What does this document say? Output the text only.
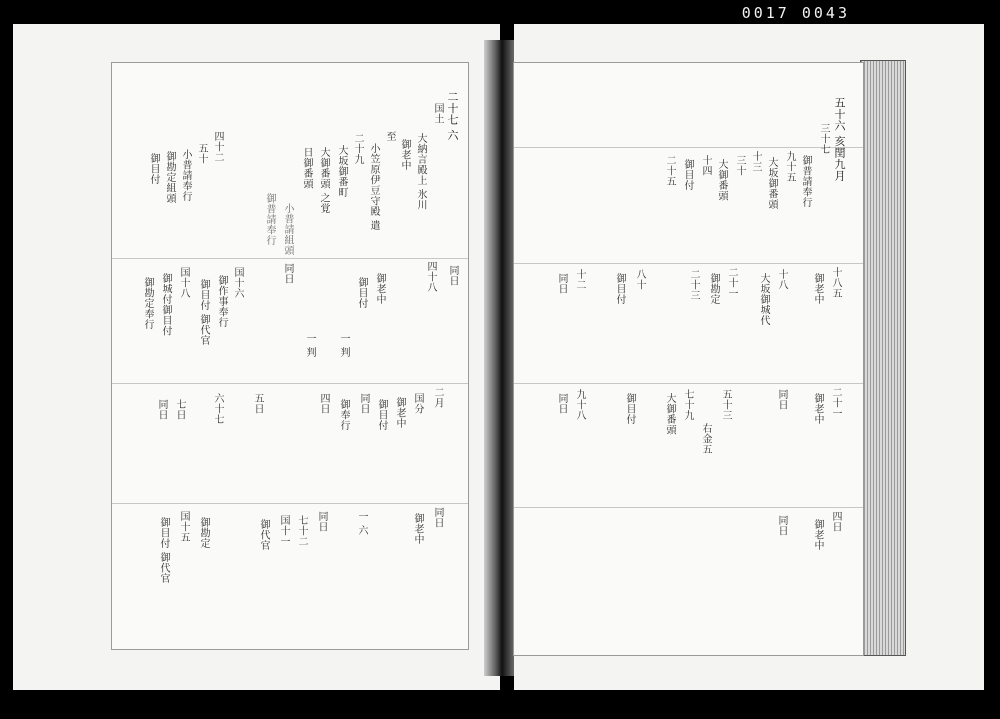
0017 0043
二十七 六
国土
大納言殿上 氷川
御老中
至
小笠原伊豆守殿 遣
二十九
大坂御番町
大御番頭 之覚
日御番頭
小普請組頭
御普請奉行
四十二
五十
小普請奉行
御勘定組頭
御目付
四十八 同日
御老中
御目付
一 判
一 判
国十六
御作事奉行
御目付 御代官
同日
国十八
御城付御目付
御勘定奉行
二月
国分
御老中
御目付
同日
御奉行
四日
五日
六十七
七日
同日
同日
御老中
一 六
同日
七十二
国十一
御代官
御勘定
国十五
御目付 御代官
五十六 亥閏九月
三十七
御普請奉行
九十五
大坂御番頭
十三
三十
大御番頭
十四
御目付
二十五
十八五
御老中
十八
大坂御城代
二十一
御勘定
二十三
八十
御目付
十二
同日
二十一
御老中
同日
五十三
右金五
七十九
大御番頭
御目付
九十八
同日
四日
御老中
同日
